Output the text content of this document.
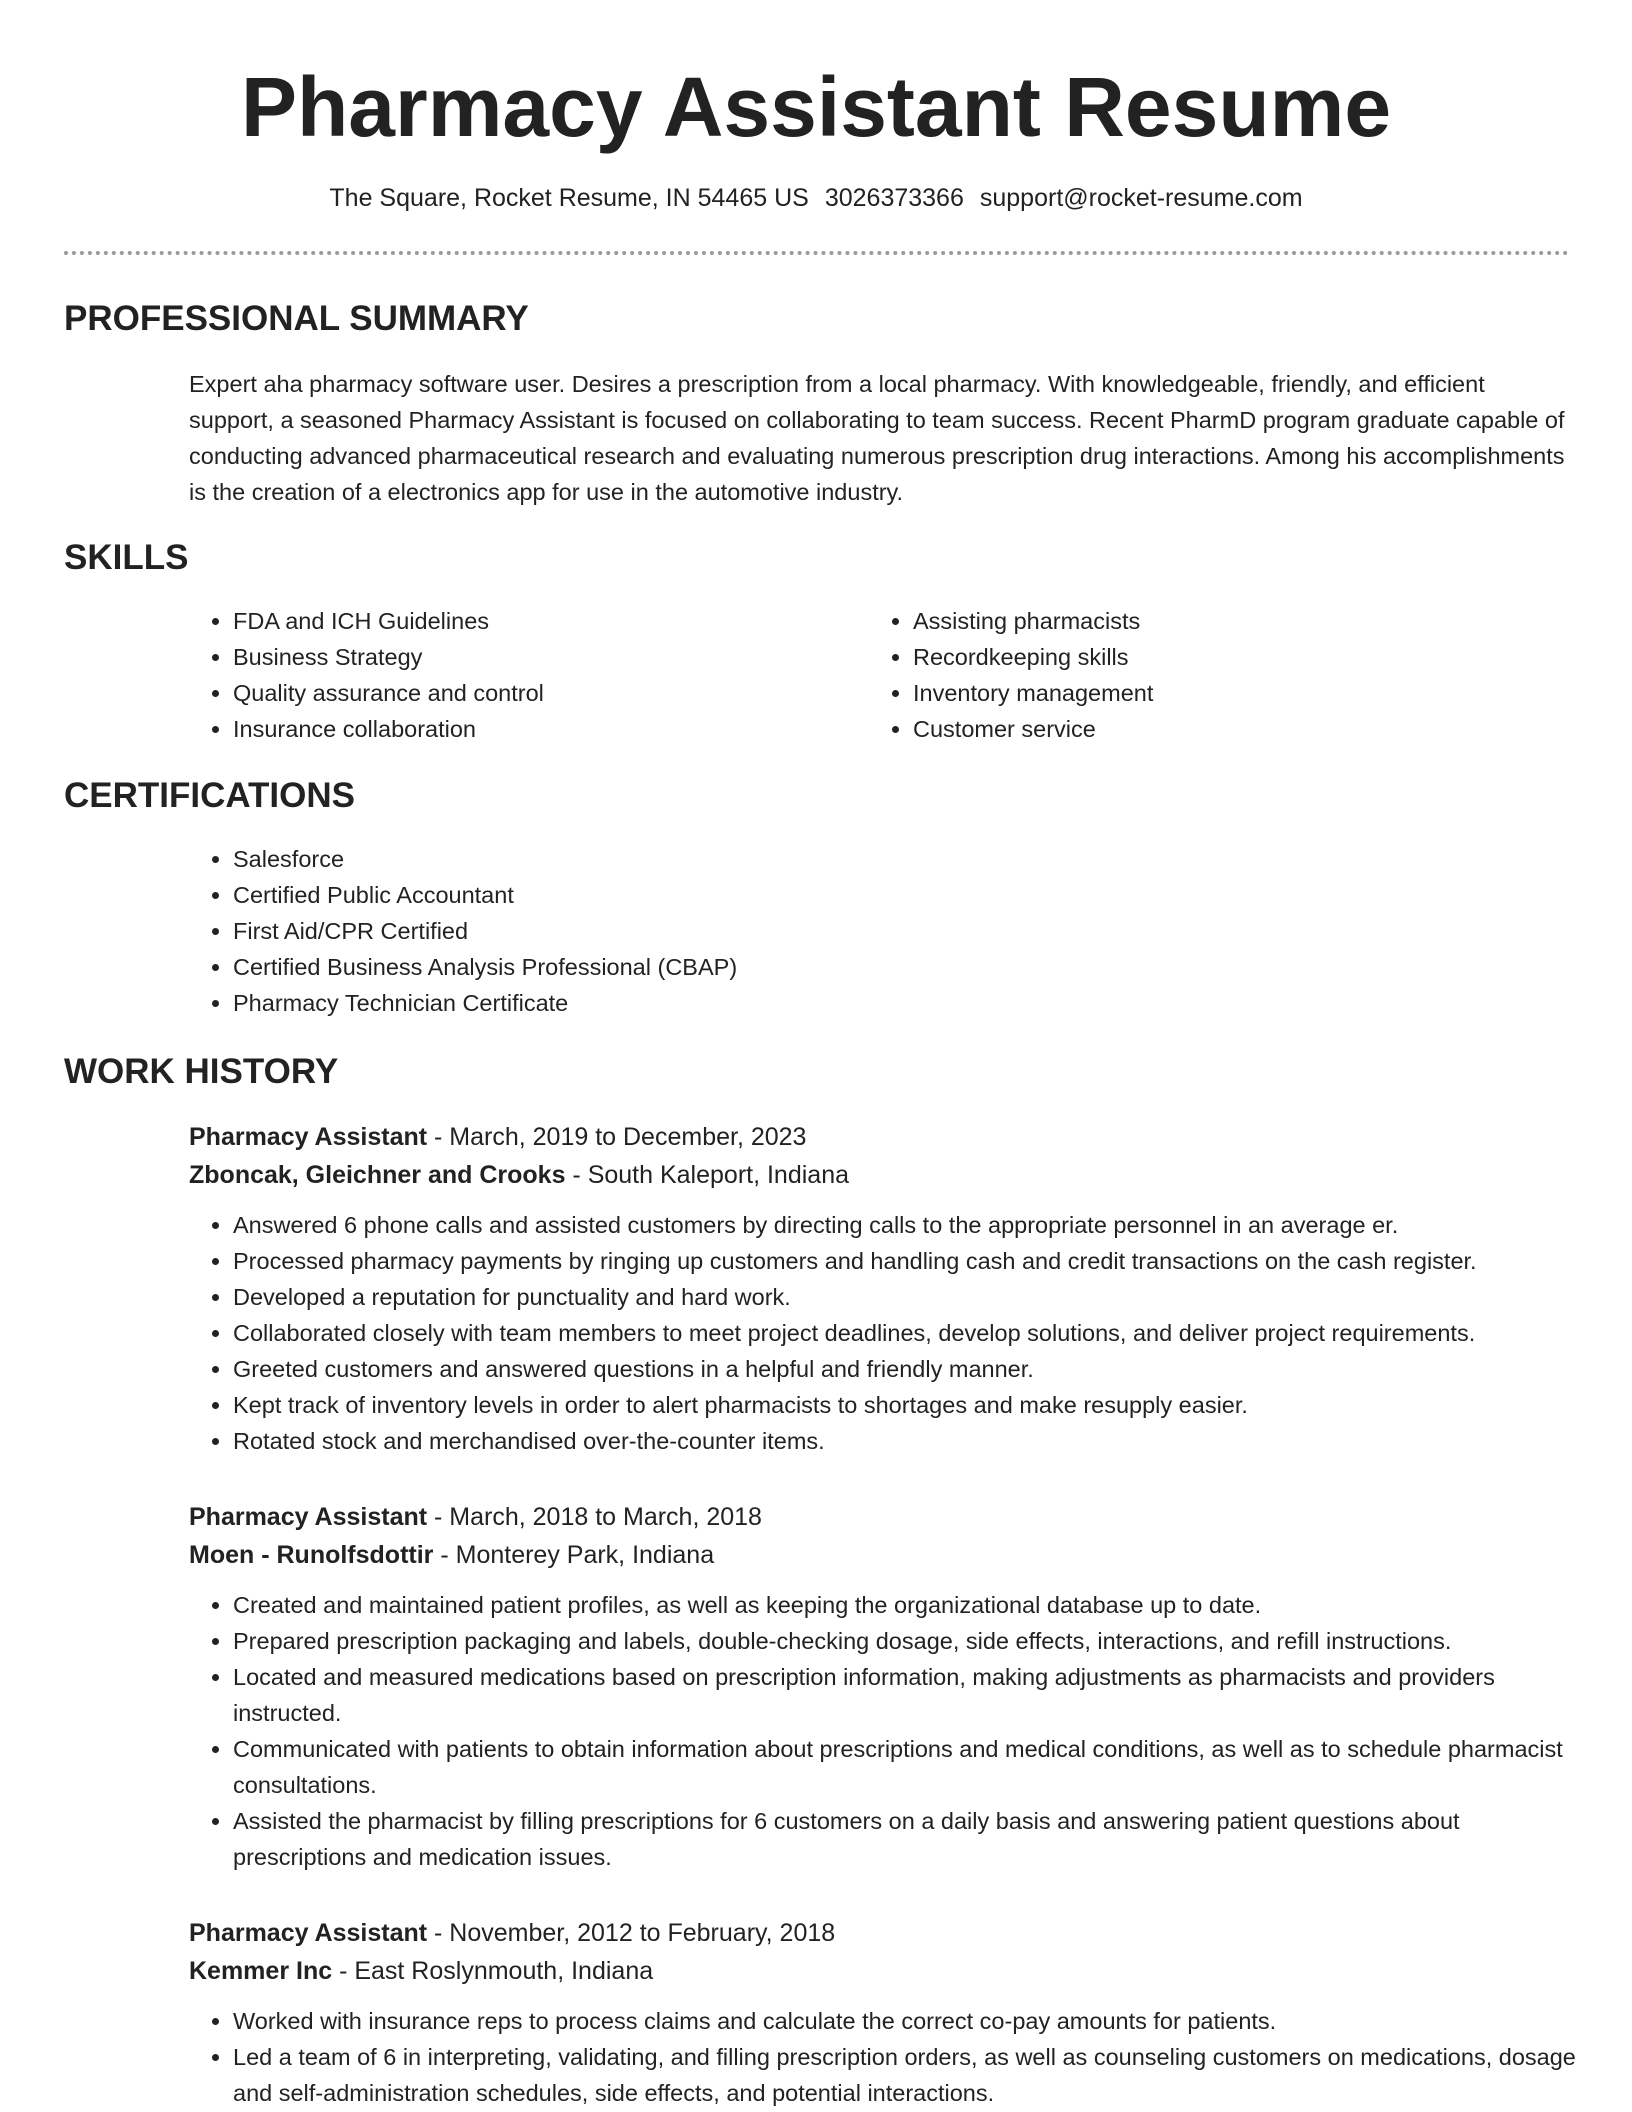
Pharmacy Assistant Resume
The Square, Rocket Resume, IN 54465 US 3026373366 support@rocket-resume.com
PROFESSIONAL SUMMARY

Expert aha pharmacy software user. Desires a prescription from a local pharmacy. With knowledgeable, friendly, and efficient support, a seasoned Pharmacy Assistant is focused on collaborating to team success. Recent PharmD program graduate capable of conducting advanced pharmaceutical research and evaluating numerous prescription drug interactions. Among his accomplishments is the creation of a electronics app for use in the automotive industry.

SKILLS
• FDA and ICH Guidelines
• Business Strategy
• Quality assurance and control
• Insurance collaboration
• Assisting pharmacists
• Recordkeeping skills
• Inventory management
• Customer service
CERTIFICATIONS
• Salesforce
• Certified Public Accountant
• First Aid/CPR Certified
• Certified Business Analysis Professional (CBAP)
• Pharmacy Technician Certificate
WORK HISTORY

Pharmacy Assistant - March, 2019 to December, 2023

Zboncak, Gleichner and Crooks - South Kaleport, Indiana

• Answered 6 phone calls and assisted customers by directing calls to the appropriate personnel in an average er.
• Processed pharmacy payments by ringing up customers and handling cash and credit transactions on the cash register.
• Developed a reputation for punctuality and hard work.
• Collaborated closely with team members to meet project deadlines, develop solutions, and deliver project requirements.
• Greeted customers and answered questions in a helpful and friendly manner.
• Kept track of inventory levels in order to alert pharmacists to shortages and make resupply easier.
• Rotated stock and merchandised over-the-counter items.

Pharmacy Assistant - March, 2018 to March, 2018

Moen - Runolfsdottir - Monterey Park, Indiana

• Created and maintained patient profiles, as well as keeping the organizational database up to date.
• Prepared prescription packaging and labels, double-checking dosage, side effects, interactions, and refill instructions.
• Located and measured medications based on prescription information, making adjustments as pharmacists and providers instructed.
• Communicated with patients to obtain information about prescriptions and medical conditions, as well as to schedule pharmacist consultations.
• Assisted the pharmacist by filling prescriptions for 6 customers on a daily basis and answering patient questions about prescriptions and medication issues.

Pharmacy Assistant - November, 2012 to February, 2018

Kemmer Inc - East Roslynmouth, Indiana

• Worked with insurance reps to process claims and calculate the correct co-pay amounts for patients.
• Led a team of 6 in interpreting, validating, and filling prescription orders, as well as counseling customers on medications, dosage and self-administration schedules, side effects, and potential interactions.
